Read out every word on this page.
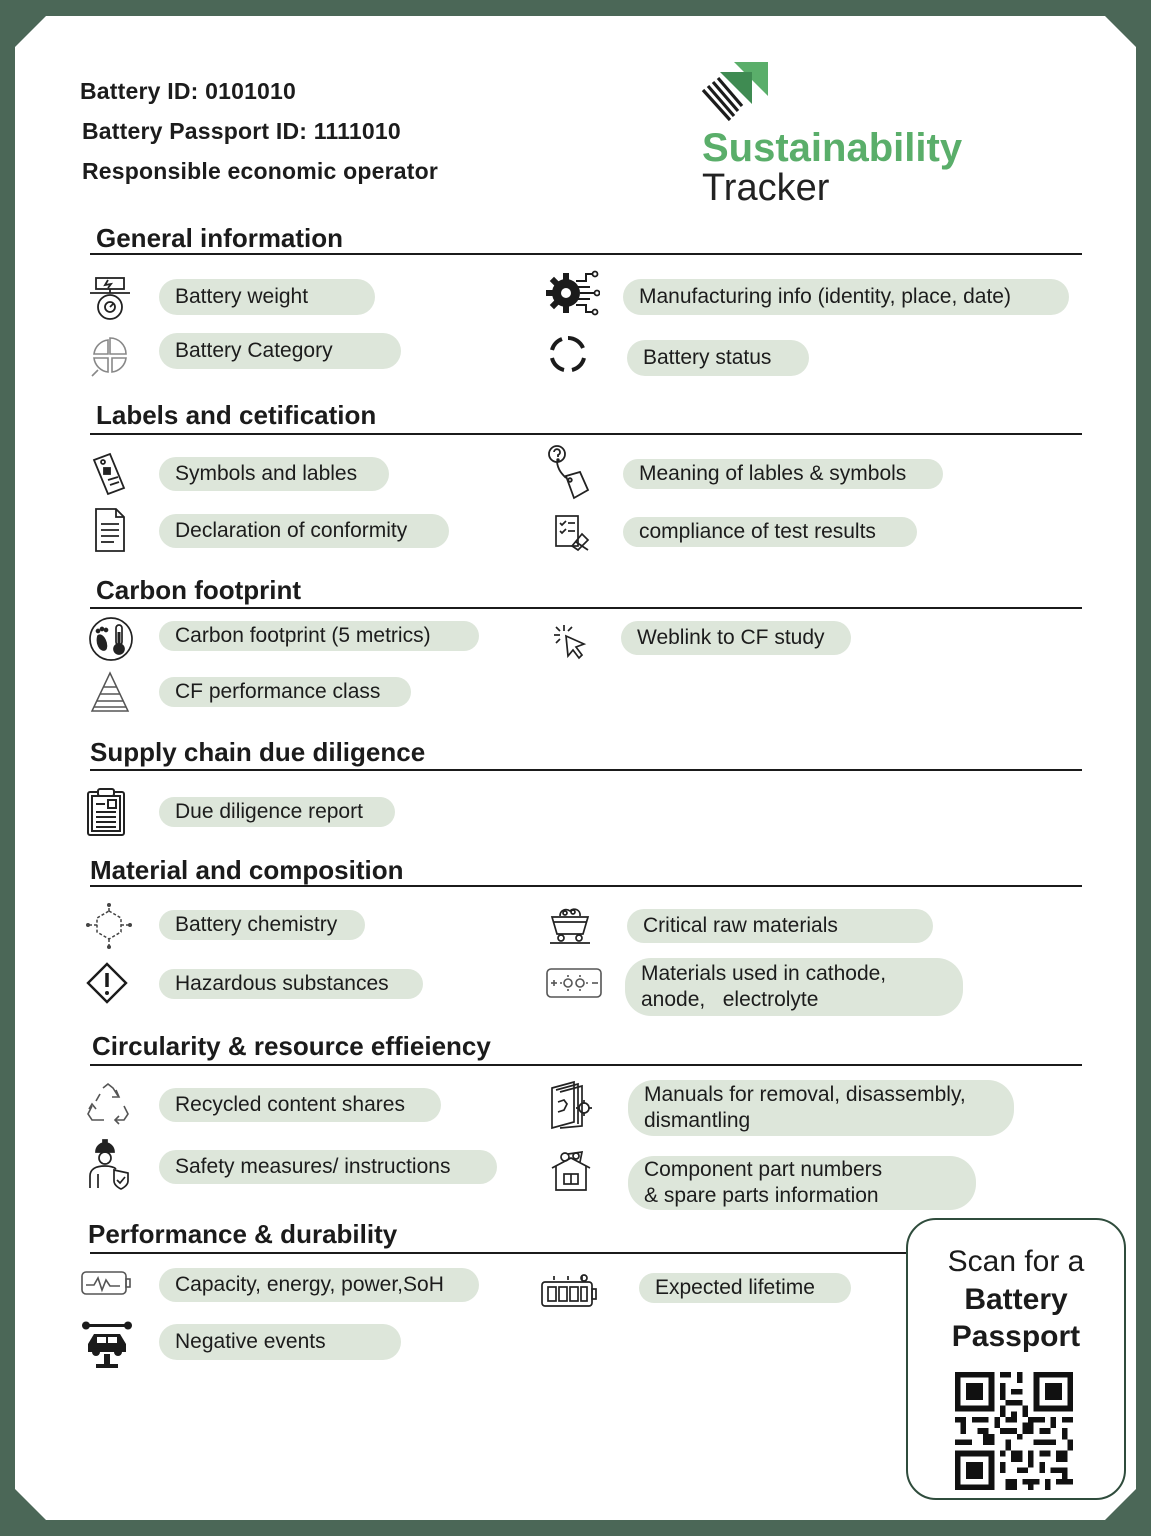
Battery ID: 0101010
Battery Passport ID: 1111010
Responsible economic operator
Sustainability
Tracker
General information
Battery weight
Battery Category
Manufacturing info (identity, place, date)
Battery status
Labels and cetification
Symbols and lables
Declaration of conformity
Meaning of lables & symbols
compliance of test results
Carbon footprint
Carbon footprint (5 metrics)
CF performance class
Weblink to CF study
Supply chain due diligence
Due diligence report
Material and composition
Battery chemistry
Hazardous substances
Critical raw materials
Materials used in cathode,
anode,   electrolyte
Circularity & resource effieiency
Recycled content shares
Safety measures/ instructions
Manuals for removal, disassembly,
dismantling
Component part numbers
& spare parts information
Performance & durability
Capacity, energy, power,SoH
Negative events
Expected lifetime
Scan for a
Battery
Passport
